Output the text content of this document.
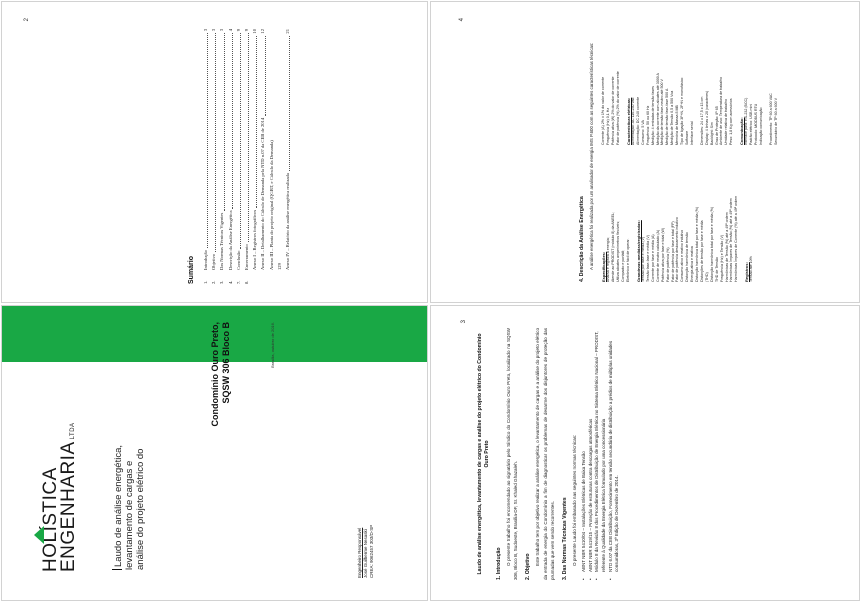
HOLÍSTICA
ENGENHARIALTDA
Laudo de análise energética, levantamento de cargas e análise do projeto elétrico do
Condomínio Ouro Preto, SQSW 306 Bloco B	Brasília, outubro de 2016.
Engenheiro Responsável José Guilherme Nesaski CREA: 9062457 303/D-SP
2
Sumário 1.
Introdução
3
2.
Objetivo
3
3.
Das Normas Técnicas Vigentes
3
4.
Descrição da Análise Energética
4
7.
Conclusão
9
8.
Encerramento
9
Anexo I – Registros fotográficos
10
Anexo II – Detalhamento do Cálculo de Demanda pela NTD n.07 da CEB de 2014
12
Anexo III – Planta do projeto original (QGBT, e Cálculo da Demanda) 129 Anexo IV – Relatório da análise energética realizada
21
3
Laudo de análise energética, levantamento de cargas e análise do projeto elétrico do Condomínio Ouro Preto
1. Introdução O presente trabalho foi encomendado ao signatário pelo Síndico do Condomínio Ouro Preto, localizado na SQSW 306, Bloco B, Sudoeste, Brasília-DF, Sr. Khaled Ghazaleh. 2. Objetivo
Este trabalho tem por objetivo realizar a análise energética, o levantamento de cargas e a análise do projeto elétrico da entrada de energia do Condomínio a fim de diagnosticar os problemas de desarme dos disjuntores de proteção das prumadas que vem sendo recorrentes. 3. Das Normas Técnicas Vigentes O presente Laudo foi embasado nas seguintes normas técnicas: • ABNT NBR 5410/04 – Instalações Elétricas de Baixa Tensão • ABNT NBR 5419/15 – Proteção de estruturas contra descargas atmosféricas • Módulo 8 da Revisão 8 dos Procedimentos de Distribuição de Energia Elétrica no Sistema Elétrico Nacional – PRODIST, referente à Qualidade da Energia Elétrica formulado por uma concessionária • NTD 6.07 da CEB Distribuição, Fornecimento em tensão secundária de distribuição a prédios de múltiplas unidades consumidoras, 3ª Edição de Dezembro de 2014.
4
4. Descrição da Análise Energética A análise energética foi realizada por um analisador de energia IMS P.600 com as seguintes características técnicas:	Especificações: Analisa e registra a energia; Atende ao PRODIST (módulo 8) da ANEEL; Utiliza alicates amperímetros flexíveis; Compacto e portátil; Eletrônico e fácil de operar. Grandezas medidas/registradas: Tensão por fase e média (V) Tensão fase-fase e média (V) Corrente por fase e média (A) Corrente de neutro calculado (A) Potência ativa por fase e total (W) Fator de potência (%) Fator de potência por fase e total (FP) Fator de potência deslocamento indutivo Consumo ativo e reativo indutivo Distorção harmônica de tensão Energia ativa e reativa Distorção harmônica total por fase e média (%) Distorções de tensão por fase e média (THD) Distorção harmônica total por fase e média (%) THD de Tensão Frequência (Hz) e Tensão (V) Harmônicas de Tensão (%) até a 49ª ordem Harmônicas Ímpares de Tensão (%) até a 49ª ordem Harmônicas Ímpares de Corrente (%) até a 49ª ordem Registros: Tensão até 10%
Corrente (A) 2% ± 1% do valor de corrente Frequência (Hz) 0,1 Hz Potência ativa (W) 2% do valor de corrente Fator de potência (%) 2% do valor de corrente Características elétricas: Alimentação: AC 110-230 Vac Alimentação: DC 240 corrente Consumo: 5 VA Frequência: 50 ou 60 Hz Medição: 4 entradas de tensão fases Medição da corrente com alicates até 3000 A Medição de tensão fase-neutro até 500 V Medição de tensão fase-fase 500 A Medição de Tensão 0,5 a 500 Vca Memória de Massa 8 MB Tipo de ligação 3F+N, 2F+N e monofásico Software Interface serial Dimensões: 24 x 17,5 x 13 cm Display: 4 linhas x 20 (caracteres) Backlight: Sim Grau de Proteção: IP 65 Ambiente de uso: Temperatura de trabalho Umidade relativa de trabalho Peso: 1,8 Kg com acessórios Comunicação: Interface para: RS-232 (BCC) Padrão elétrico: USB mini Protocolo: MODBUS RTU Indicação comunicação Procedimento: TP 60 a 600 VAC Secundário de TP 60 a 600 V
